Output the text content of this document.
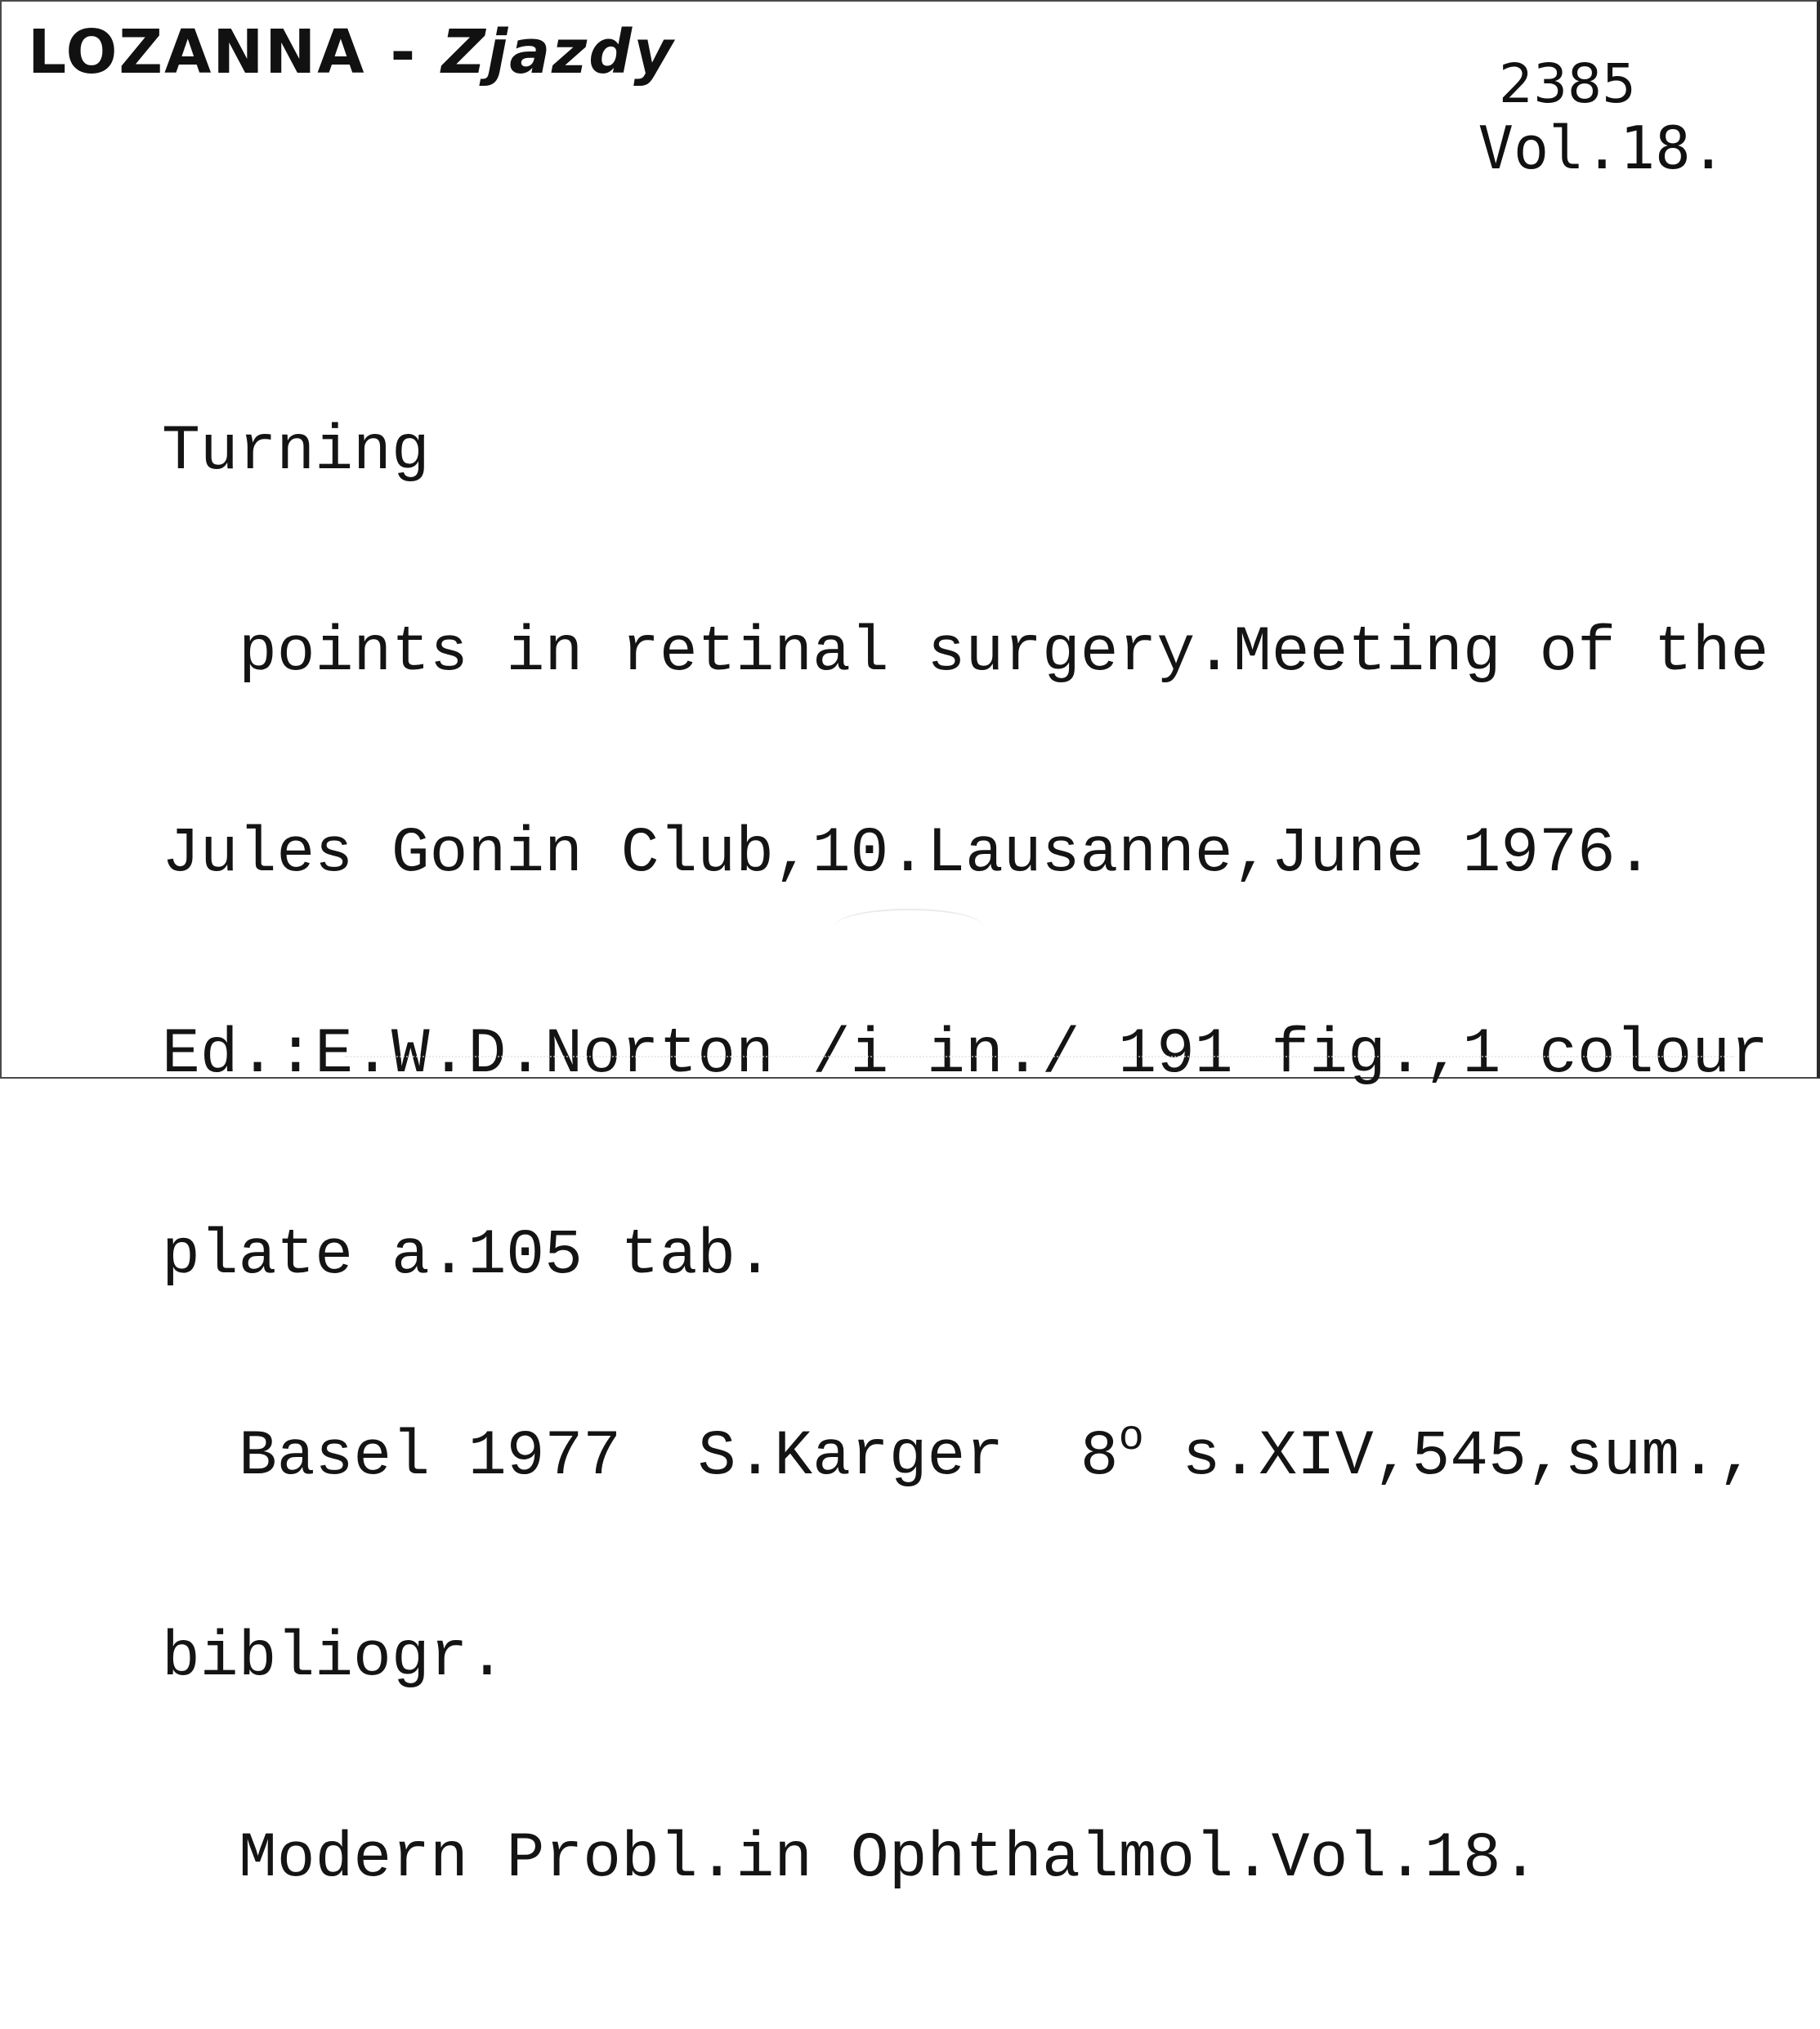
LOZANNA - Zjazdy	2385
Vol.18.

Turning

points in retinal surgery.Meeting of the

Jules Gonin Club,10.Lausanne,June 1976.

Ed.:E.W.D.Norton /i in./ 191 fig.,1 colour

plate a.105 tab.

Basel 1977  S.Karger  8$^o$ s.XIV,545,sum.,

bibliogr.

Modern Probl.in Ophthalmol.Vol.18.
